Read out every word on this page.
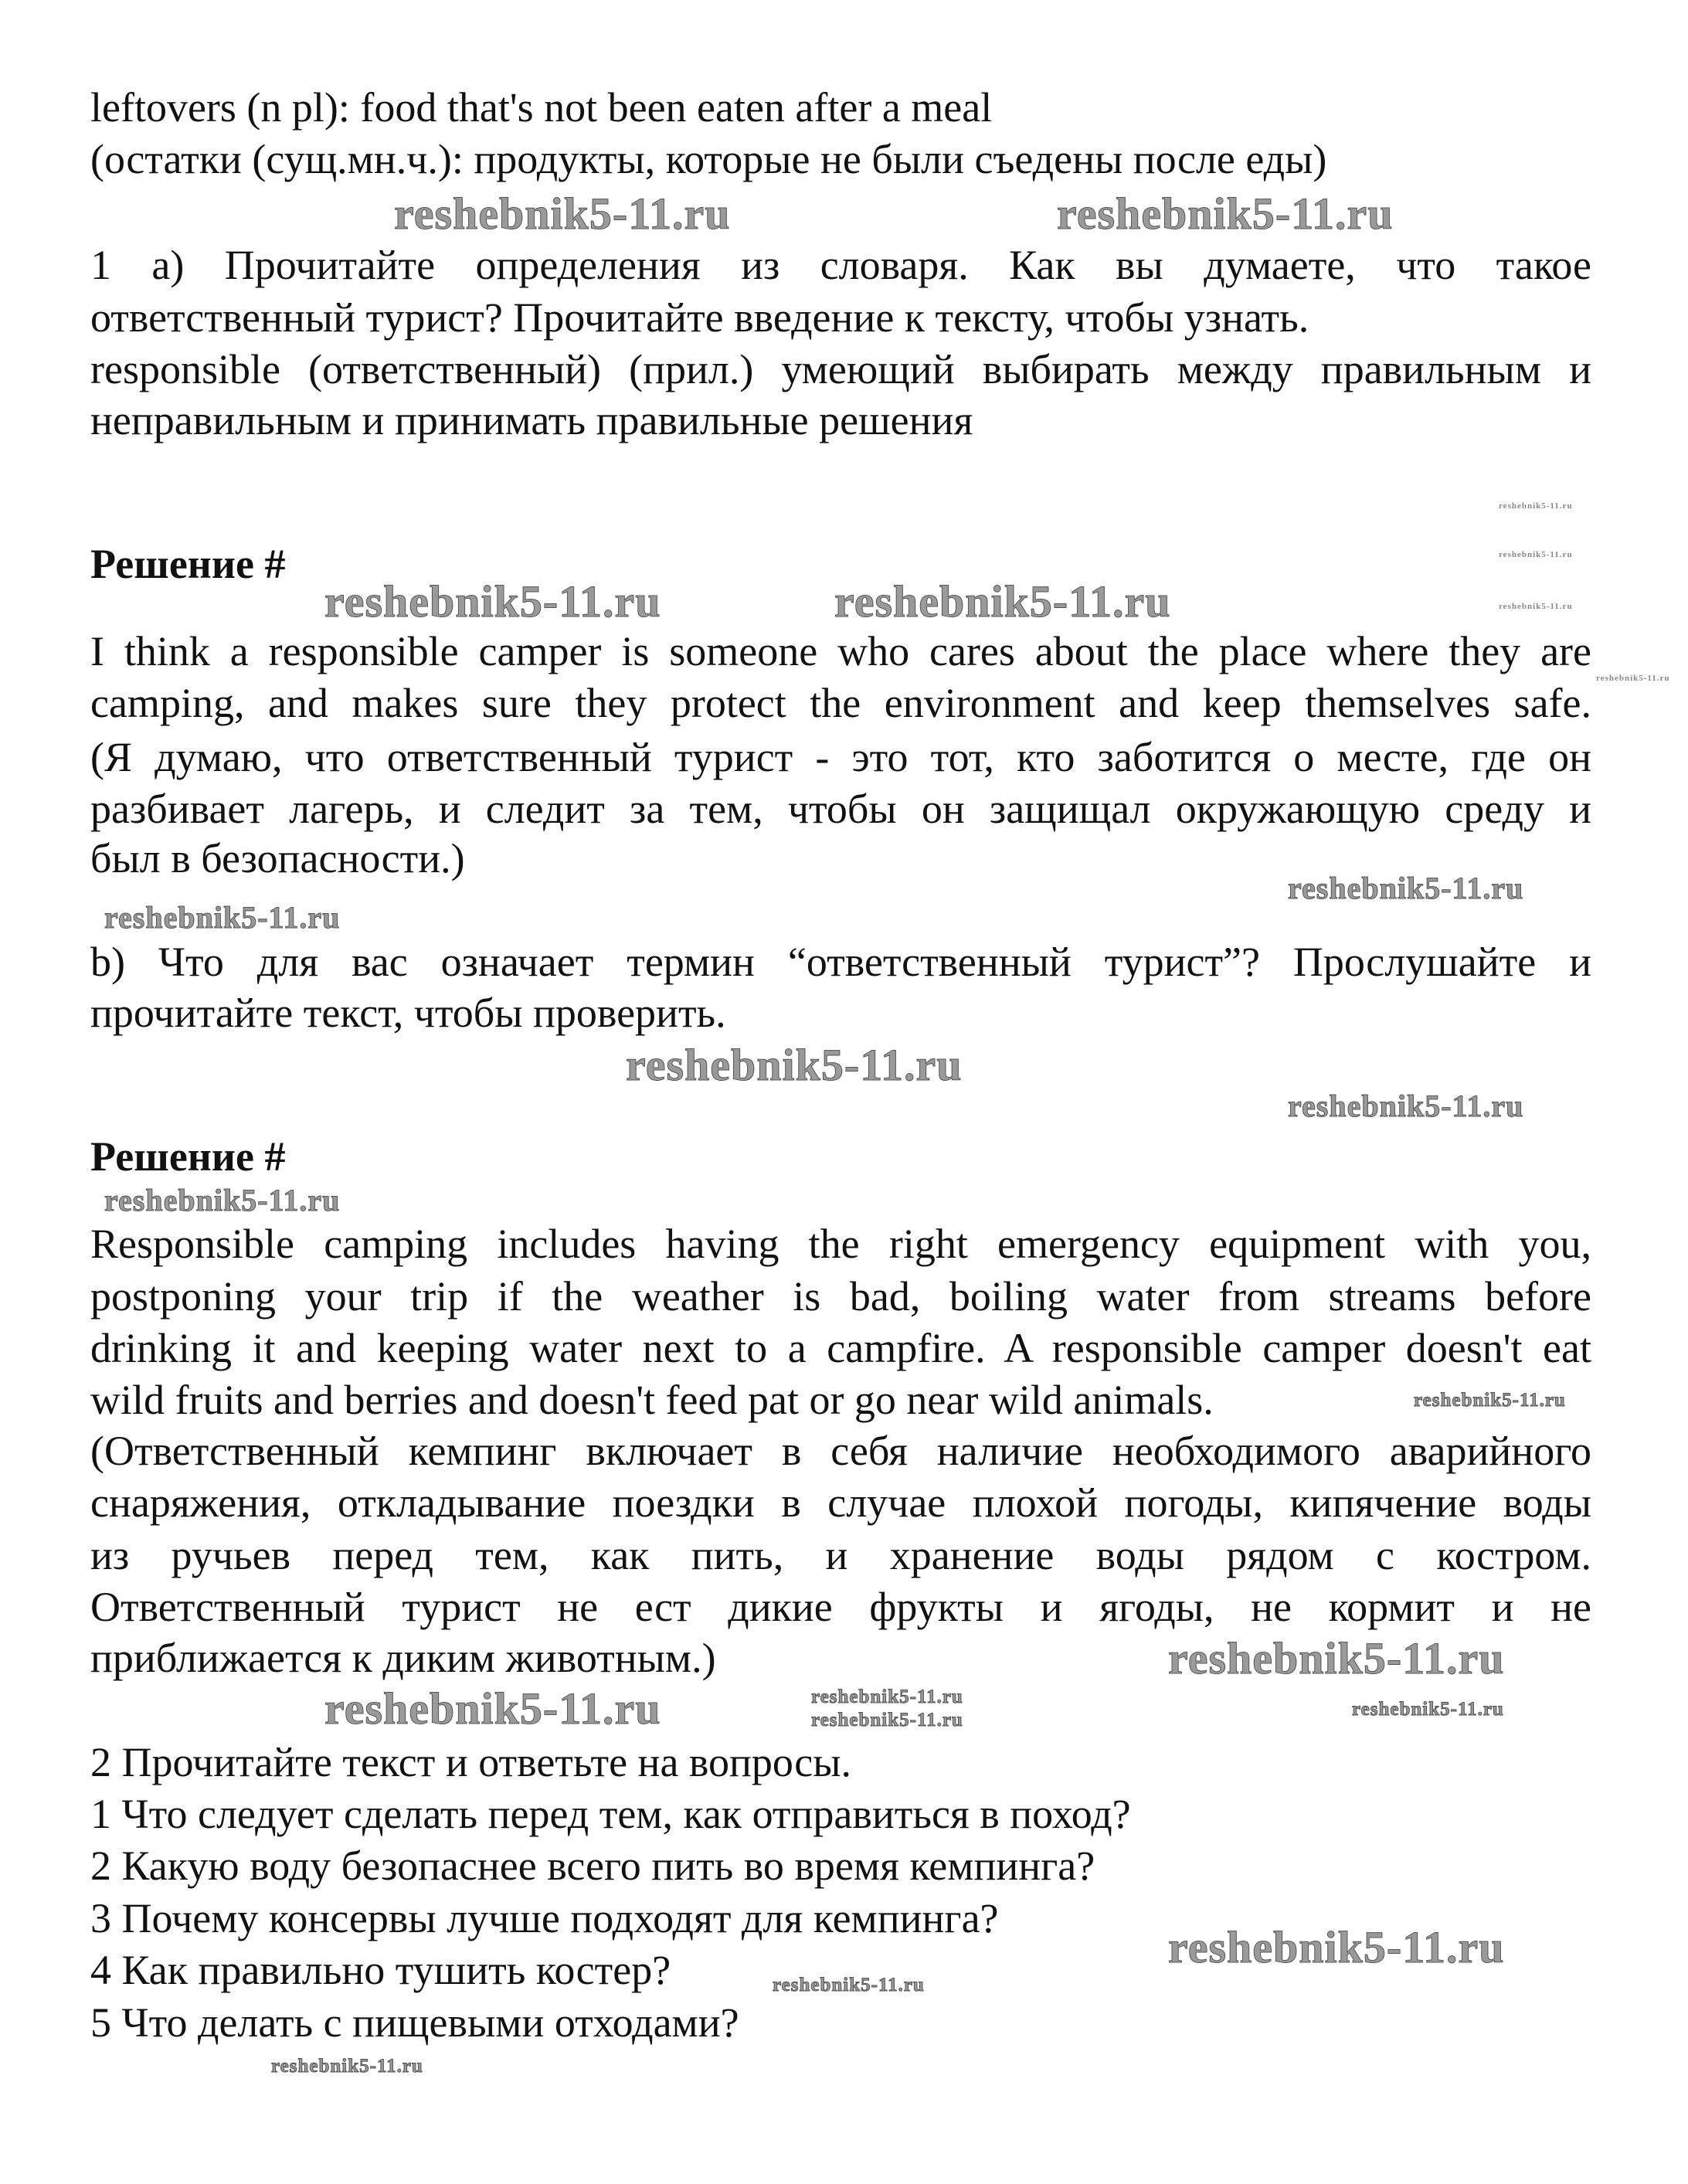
leftovers (n pl): food that's not been eaten after a meal
(остатки (сущ.мн.ч.): продукты, которые не были съедены после еды)
1 a) Прочитайте определения из словаря. Как вы думаете, что такое
ответственный турист? Прочитайте введение к тексту, чтобы узнать.
responsible (ответственный) (прил.) умеющий выбирать между правильным и
неправильным и принимать правильные решения
Решение #
I think a responsible camper is someone who cares about the place where they are
camping, and makes sure they protect the environment and keep themselves safe.
(Я думаю, что ответственный турист - это тот, кто заботится о месте, где он
разбивает лагерь, и следит за тем, чтобы он защищал окружающую среду и
был в безопасности.)
b) Что для вас означает термин “ответственный турист”? Прослушайте и
прочитайте текст, чтобы проверить.
Решение #
Responsible camping includes having the right emergency equipment with you,
postponing your trip if the weather is bad, boiling water from streams before
drinking it and keeping water next to a campfire. A responsible camper doesn't eat
wild fruits and berries and doesn't feed pat or go near wild animals.
(Ответственный кемпинг включает в себя наличие необходимого аварийного
снаряжения, откладывание поездки в случае плохой погоды, кипячение воды
из ручьев перед тем, как пить, и хранение воды рядом с костром.
Ответственный турист не ест дикие фрукты и ягоды, не кормит и не
приближается к диким животным.)
2 Прочитайте текст и ответьте на вопросы.
1 Что следует сделать перед тем, как отправиться в поход?
2 Какую воду безопаснее всего пить во время кемпинга?
3 Почему консервы лучше подходят для кемпинга?
4 Как правильно тушить костер?
5 Что делать с пищевыми отходами?
reshebnik5-11.ru	reshebnik5-11.ru
reshebnik5-11.ru
reshebnik5-11.ru
reshebnik5-11.ru
reshebnik5-11.ru
reshebnik5-11.ru	reshebnik5-11.ru
reshebnik5-11.ru
reshebnik5-11.ru
reshebnik5-11.ru
reshebnik5-11.ru
reshebnik5-11.ru
reshebnik5-11.ru
reshebnik5-11.ru
reshebnik5-11.ru
reshebnik5-11.ru
reshebnik5-11.ru
reshebnik5-11.ru
reshebnik5-11.ru
reshebnik5-11.ru
reshebnik5-11.ru
